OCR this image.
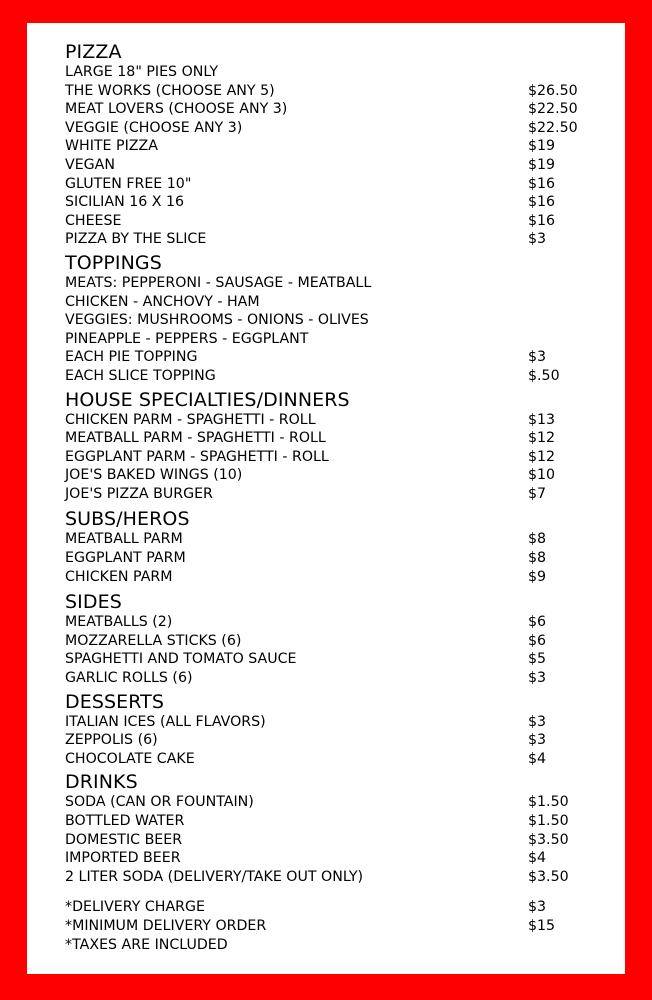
PIZZA
LARGE 18" PIES ONLY
THE WORKS (CHOOSE ANY 5)	$26.50
MEAT LOVERS (CHOOSE ANY 3)	$22.50
VEGGIE (CHOOSE ANY 3)	$22.50
WHITE PIZZA	$19
VEGAN	$19
GLUTEN FREE 10"	$16
SICILIAN 16 X 16	$16
CHEESE	$16
PIZZA BY THE SLICE	$3
TOPPINGS
MEATS: PEPPERONI - SAUSAGE - MEATBALL
CHICKEN - ANCHOVY - HAM
VEGGIES: MUSHROOMS - ONIONS - OLIVES
PINEAPPLE - PEPPERS - EGGPLANT
EACH PIE TOPPING	$3
EACH SLICE TOPPING	$.50
HOUSE SPECIALTIES/DINNERS
CHICKEN PARM - SPAGHETTI - ROLL	$13
MEATBALL PARM - SPAGHETTI - ROLL	$12
EGGPLANT PARM - SPAGHETTI - ROLL	$12
JOE'S BAKED WINGS (10)	$10
JOE'S PIZZA BURGER	$7
SUBS/HEROS
MEATBALL PARM	$8
EGGPLANT PARM	$8
CHICKEN PARM	$9
SIDES
MEATBALLS (2)	$6
MOZZARELLA STICKS (6)	$6
SPAGHETTI AND TOMATO SAUCE	$5
GARLIC ROLLS (6)	$3
DESSERTS
ITALIAN ICES (ALL FLAVORS)	$3
ZEPPOLIS (6)	$3
CHOCOLATE CAKE	$4
DRINKS
SODA (CAN OR FOUNTAIN)	$1.50
BOTTLED WATER	$1.50
DOMESTIC BEER	$3.50
IMPORTED BEER	$4
2 LITER SODA (DELIVERY/TAKE OUT ONLY)	$3.50
*DELIVERY CHARGE	$3
*MINIMUM DELIVERY ORDER	$15
*TAXES ARE INCLUDED
